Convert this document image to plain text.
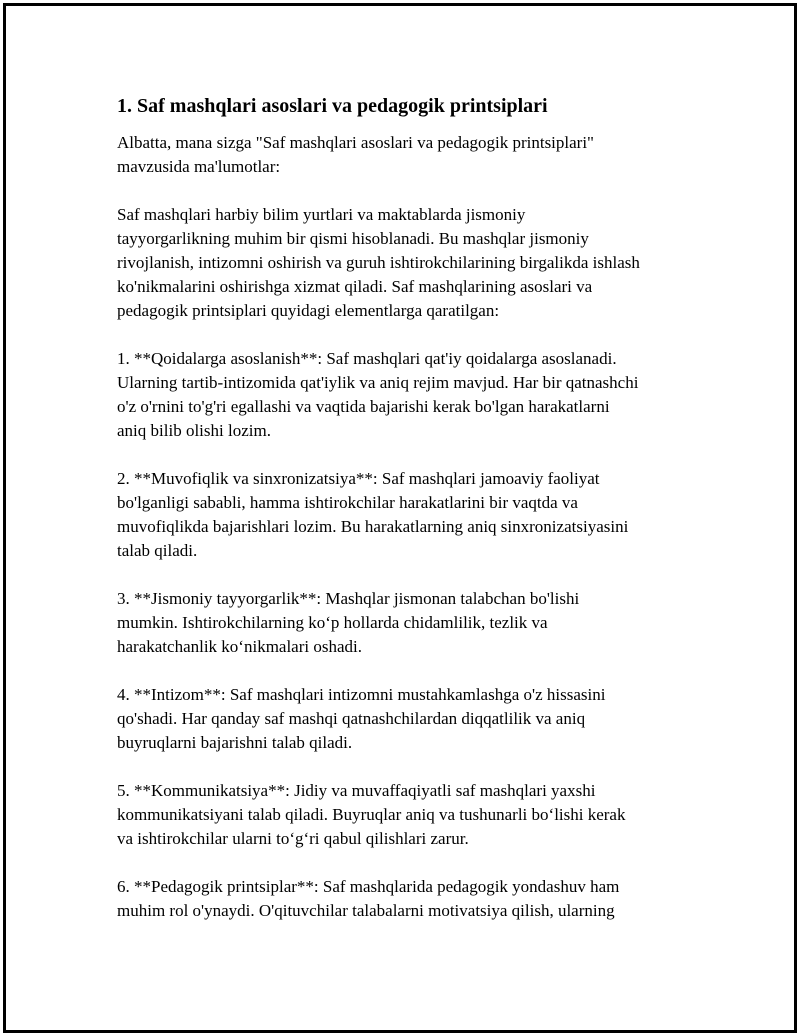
1. Saf mashqlari asoslari va pedagogik printsiplari
Albatta, mana sizga "Saf mashqlari asoslari va pedagogik printsiplari"
mavzusida ma'lumotlar:
Saf mashqlari harbiy bilim yurtlari va maktablarda jismoniy
tayyorgarlikning muhim bir qismi hisoblanadi. Bu mashqlar jismoniy
rivojlanish, intizomni oshirish va guruh ishtirokchilarining birgalikda ishlash
ko'nikmalarini oshirishga xizmat qiladi. Saf mashqlarining asoslari va
pedagogik printsiplari quyidagi elementlarga qaratilgan:
1. **Qoidalarga asoslanish**: Saf mashqlari qat'iy qoidalarga asoslanadi.
Ularning tartib-intizomida qat'iylik va aniq rejim mavjud. Har bir qatnashchi
o'z o'rnini to'g'ri egallashi va vaqtida bajarishi kerak bo'lgan harakatlarni
aniq bilib olishi lozim.
2. **Muvofiqlik va sinxronizatsiya**: Saf mashqlari jamoaviy faoliyat
bo'lganligi sababli, hamma ishtirokchilar harakatlarini bir vaqtda va
muvofiqlikda bajarishlari lozim. Bu harakatlarning aniq sinxronizatsiyasini
talab qiladi.
3. **Jismoniy tayyorgarlik**: Mashqlar jismonan talabchan bo'lishi
mumkin. Ishtirokchilarning ko‘p hollarda chidamlilik, tezlik va
harakatchanlik ko‘nikmalari oshadi.
4. **Intizom**: Saf mashqlari intizomni mustahkamlashga o'z hissasini
qo'shadi. Har qanday saf mashqi qatnashchilardan diqqatlilik va aniq
buyruqlarni bajarishni talab qiladi.
5. **Kommunikatsiya**: Jidiy va muvaffaqiyatli saf mashqlari yaxshi
kommunikatsiyani talab qiladi. Buyruqlar aniq va tushunarli bo‘lishi kerak
va ishtirokchilar ularni to‘g‘ri qabul qilishlari zarur.
6. **Pedagogik printsiplar**: Saf mashqlarida pedagogik yondashuv ham
muhim rol o'ynaydi. O'qituvchilar talabalarni motivatsiya qilish, ularning
